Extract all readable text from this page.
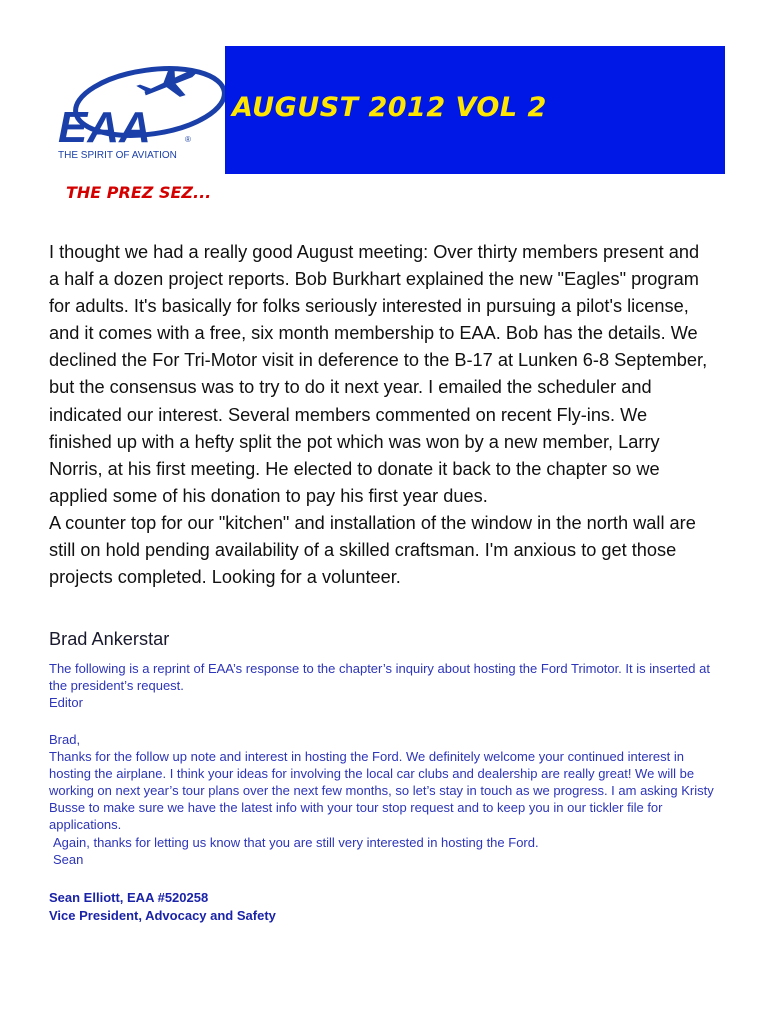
EAA	®
THE SPIRIT OF AVIATION
AUGUST 2012 VOL 2
THE PREZ SEZ...

I thought we had a really good August meeting: Over thirty members present and a half a dozen project reports. Bob Burkhart explained the new "Eagles" program for adults. It's basically for folks seriously interested in pursuing a pilot's license, and it comes with a free, six month membership to EAA. Bob has the details. We declined the For Tri-Motor visit in deference to the B-17 at Lunken 6-8 September, but the consensus was to try to do it next year. I emailed the scheduler and indicated our interest. Several members commented on recent Fly-ins. We finished up with a hefty split the pot which was won by a new member, Larry Norris, at his first meeting. He elected to donate it back to the chapter so we applied some of his donation to pay his first year dues.

A counter top for our "kitchen" and installation of the window in the north wall are still on hold pending availability of a skilled craftsman. I'm anxious to get those projects completed. Looking for a volunteer.

Brad Ankerstar

The following is a reprint of EAA’s response to the chapter’s inquiry about hosting the Ford Trimotor. It is inserted at the president’s request.

Editor

Brad,

Thanks for the follow up note and interest in hosting the Ford. We definitely welcome your continued interest in hosting the airplane. I think your ideas for involving the local car clubs and dealership are really great! We will be working on next year’s tour plans over the next few months, so let’s stay in touch as we progress. I am asking Kristy Busse to make sure we have the latest info with your tour stop request and to keep you in our tickler file for applications.

Again, thanks for letting us know that you are still very interested in hosting the Ford.

Sean

Sean Elliott, EAA #520258
Vice President, Advocacy and Safety
